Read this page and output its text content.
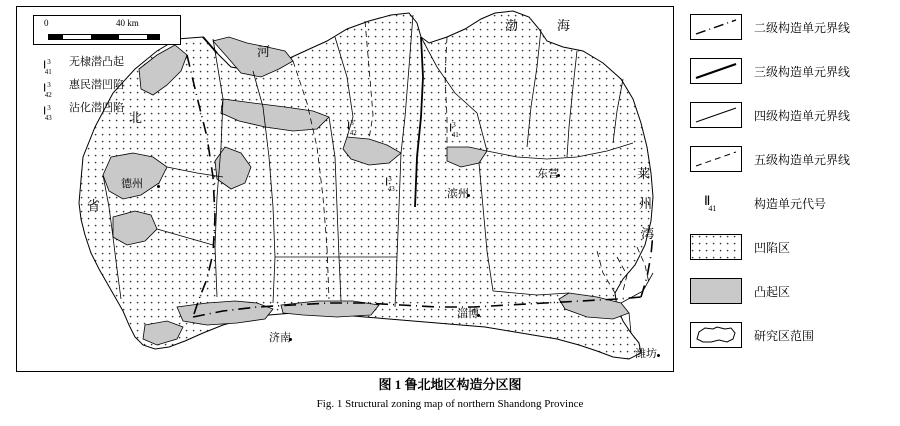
0	40 km
Ⅰ$^3_{41}$
无棣潜凸起
Ⅰ$^3_{42}$
惠民潜凹陷
Ⅰ$^3_{43}$
沾化潜凹陷
渤	海
河
北
省
莱
州
湾
德州
滨州
东营
济南
淄博
潍坊
Ⅰ$^3_{42}$	Ⅰ$^3_{41}$
Ⅰ$^3_{43}$
二级构造单元界线
三级构造单元界线
四级构造单元界线
五级构造单元界线
$Ⅱ_{41}$	构造单元代号
凹陷区
凸起区
研究区范围
图 1 鲁北地区构造分区图
Fig. 1 Structural zoning map of northern Shandong Province
